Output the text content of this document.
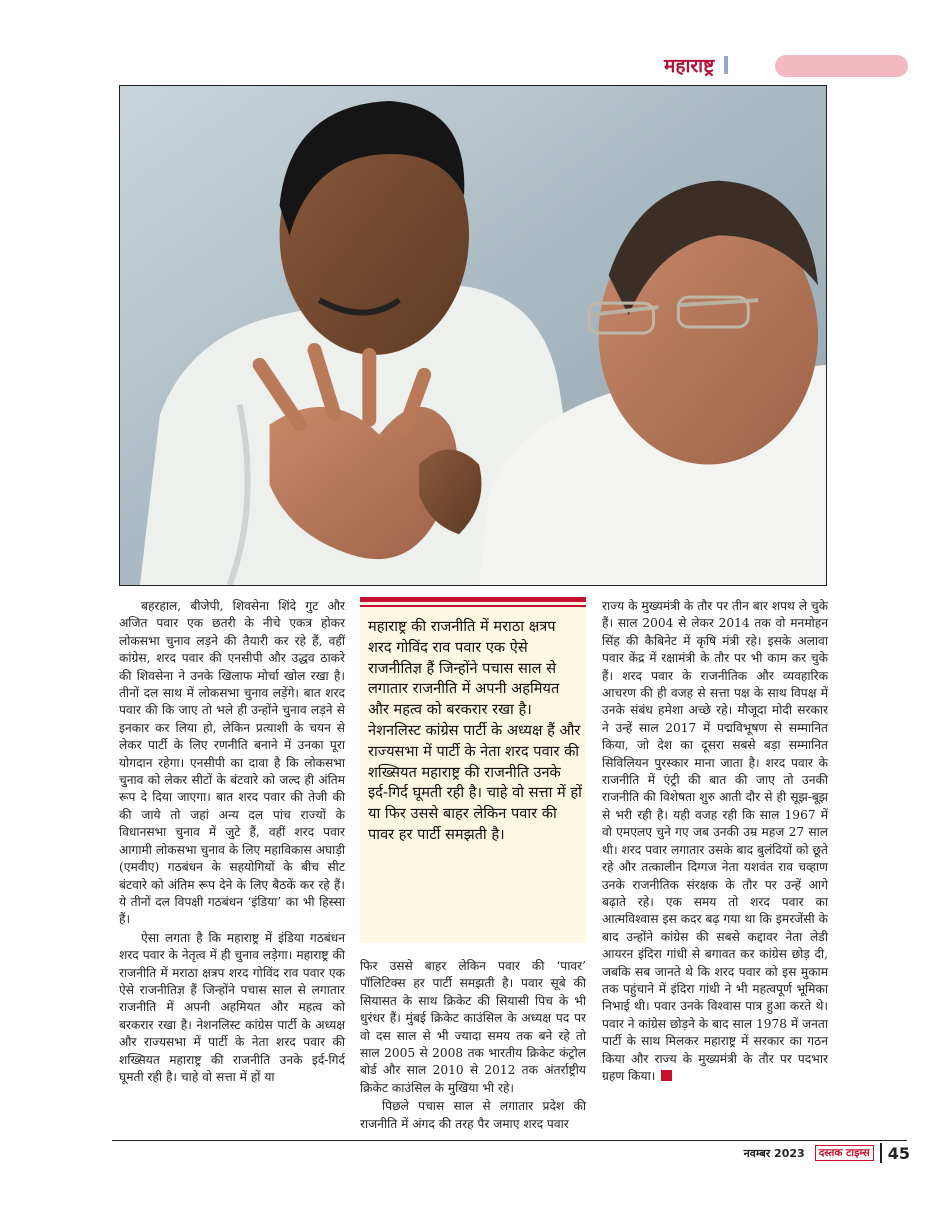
महाराष्ट्र

बहरहाल, बीजेपी, शिवसेना शिंदे गुट और अजित पवार एक छतरी के नीचे एकत्र होकर लोकसभा चुनाव लड़ने की तैयारी कर रहे हैं, वहीं कांग्रेस, शरद पवार की एनसीपी और उद्धव ठाकरे की शिवसेना ने उनके खिलाफ मोर्चा खोल रखा है। तीनों दल साथ में लोकसभा चुनाव लड़ेंगे। बात शरद पवार की कि जाए तो भले ही उन्होंने चुनाव लड़ने से इनकार कर लिया हो, लेकिन प्रत्याशी के चयन से लेकर पार्टी के लिए रणनीति बनाने में उनका पूरा योगदान रहेगा। एनसीपी का दावा है कि लोकसभा चुनाव को लेकर सीटों के बंटवारे को जल्द ही अंतिम रूप दे दिया जाएगा। बात शरद पवार की तेजी की की जाये तो जहां अन्य दल पांच राज्यों के विधानसभा चुनाव में जुटे हैं, वहीं शरद पवार आगामी लोकसभा चुनाव के लिए महाविकास अघाड़ी (एमवीए) गठबंधन के सहयोगियों के बीच सीट बंटवारे को अंतिम रूप देने के लिए बैठकें कर रहे हैं। ये तीनों दल विपक्षी गठबंधन ‘इंडिया’ का भी हिस्सा हैं।

ऐसा लगता है कि महाराष्ट्र में इंडिया गठबंधन शरद पवार के नेतृत्व में ही चुनाव लड़ेगा। महाराष्ट्र की राजनीति में मराठा क्षत्रप शरद गोविंद राव पवार एक ऐसे राजनीतिज्ञ हैं जिन्होंने पचास साल से लगातार राजनीति में अपनी अहमियत और महत्व को बरकरार रखा है। नेशनलिस्ट कांग्रेस पार्टी के अध्यक्ष और राज्यसभा में पार्टी के नेता शरद पवार की शख्सियत महाराष्ट्र की राजनीति उनके इर्द-गिर्द घूमती रही है। चाहे वो सत्ता में हों या

महाराष्ट्र की राजनीति में मराठा क्षत्रप शरद गोविंद राव पवार एक ऐसे राजनीतिज्ञ हैं जिन्होंने पचास साल से लगातार राजनीति में अपनी अहमियत और महत्व को बरकरार रखा है। नेशनलिस्ट कांग्रेस पार्टी के अध्यक्ष हैं और राज्यसभा में पार्टी के नेता शरद पवार की शख्सियत महाराष्ट्र की राजनीति उनके इर्द-गिर्द घूमती रही है। चाहे वो सत्ता में हों या फिर उससे बाहर लेकिन पवार की पावर हर पार्टी समझती है।

फिर उससे बाहर लेकिन पवार की ‘पावर’ पॉलिटिक्स हर पार्टी समझती है। पवार सूबे की सियासत के साथ क्रिकेट की सियासी पिच के भी धुरंधर हैं। मुंबई क्रिकेट काउंसिल के अध्यक्ष पद पर वो दस साल से भी ज्यादा समय तक बने रहे तो साल 2005 से 2008 तक भारतीय क्रिकेट कंट्रोल बोर्ड और साल 2010 से 2012 तक अंतर्राष्ट्रीय क्रिकेट काउंसिल के मुखिया भी रहे।

पिछले पचास साल से लगातार प्रदेश की राजनीति में अंगद की तरह पैर जमाए शरद पवार

राज्य के मुख्यमंत्री के तौर पर तीन बार शपथ ले चुके हैं। साल 2004 से लेकर 2014 तक वो मनमोहन सिंह की कैबिनेट में कृषि मंत्री रहे। इसके अलावा पवार केंद्र में रक्षामंत्री के तौर पर भी काम कर चुके हैं। शरद पवार के राजनीतिक और व्यवहारिक आचरण की ही वजह से सत्ता पक्ष के साथ विपक्ष में उनके संबंध हमेशा अच्छे रहे। मौजूदा मोदी सरकार ने उन्हें साल 2017 में पद्मविभूषण से सम्मानित किया, जो देश का दूसरा सबसे बड़ा सम्मानित सिविलियन पुरस्कार माना जाता है। शरद पवार के राजनीति में एंट्री की बात की जाए तो उनकी राजनीति की विशेषता शुरु आती दौर से ही सूझ-बूझ से भरी रही है। यही वजह रही कि साल 1967 में वो एमएलए चुने गए जब उनकी उम्र महज 27 साल थी। शरद पवार लगातार उसके बाद बुलंदियों को छूते रहे और तत्कालीन दिग्गज नेता यशवंत राव चव्हाण उनके राजनीतिक संरक्षक के तौर पर उन्हें आगे बढ़ाते रहे। एक समय तो शरद पवार का आत्मविश्वास इस कदर बढ़ गया था कि इमरजेंसी के बाद उन्होंने कांग्रेस की सबसे कद्दावर नेता लेडी आयरन इंदिरा गांधी से बगावत कर कांग्रेस छोड़ दी, जबकि सब जानते थे कि शरद पवार को इस मुकाम तक पहुंचाने में इंदिरा गांधी ने भी महत्वपूर्ण भूमिका निभाई थी। पवार उनके विश्वास पात्र हुआ करते थे। पवार ने कांग्रेस छोड़ने के बाद साल 1978 में जनता पार्टी के साथ मिलकर महाराष्ट्र में सरकार का गठन किया और राज्य के मुख्यमंत्री के तौर पर पदभार ग्रहण किया।

नवम्बर 2023	दस्तक टाइम्स 45
